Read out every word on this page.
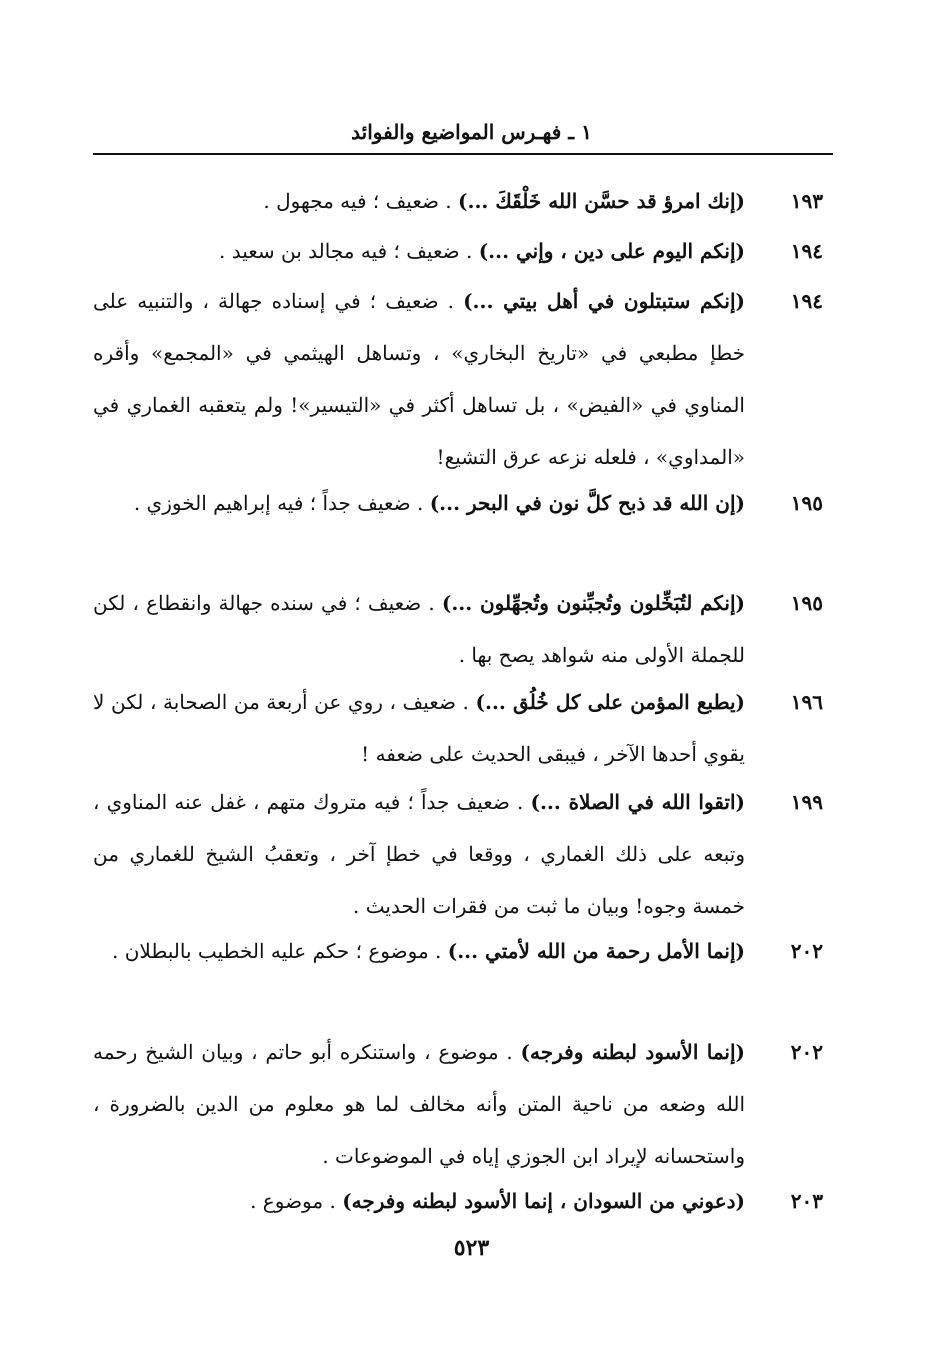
١ ـ فهـرس المواضيع والفوائد
١٩٣
(إنك امرؤ قد حسَّن الله خَلْقَكَ ...) . ضعيف ؛ فيه مجهول .
١٩٤
(إنكم اليوم على دين ، وإني ...) . ضعيف ؛ فيه مجالد بن سعيد .
١٩٤
(إنكم ستبتلون في أهل بيتي ...) . ضعيف ؛ في إسناده جهالة ، والتنبيه على خطإ مطبعي في «تاريخ البخاري» ، وتساهل الهيثمي في «المجمع» وأقره المناوي في «الفيض» ، بل تساهل أكثر في «التيسير»! ولم يتعقبه الغماري في «المداوي» ، فلعله نزعه عرق التشيع!
١٩٥
(إن الله قد ذبح كلَّ نون في البحر ...) . ضعيف جداً ؛ فيه إبراهيم الخوزي .
١٩٥
(إنكم لتُبَخِّلون وتُجبِّنون وتُجهِّلون ...) . ضعيف ؛ في سنده جهالة وانقطاع ، لكن للجملة الأولى منه شواهد يصح بها .
١٩٦
(يطبع المؤمن على كل خُلُق ...) . ضعيف ، روي عن أربعة من الصحابة ، لكن لا يقوي أحدها الآخر ، فيبقى الحديث على ضعفه !
١٩٩
(اتقوا الله في الصلاة ...) . ضعيف جداً ؛ فيه متروك متهم ، غفل عنه المناوي ، وتبعه على ذلك الغماري ، ووقعا في خطإ آخر ، وتعقبُ الشيخ للغماري من خمسة وجوه! وبيان ما ثبت من فقرات الحديث .
٢٠٢
(إنما الأمل رحمة من الله لأمتي ...) . موضوع ؛ حكم عليه الخطيب بالبطلان .
٢٠٢
(إنما الأسود لبطنه وفرجه) . موضوع ، واستنكره أبو حاتم ، وبيان الشيخ رحمه الله وضعه من ناحية المتن وأنه مخالف لما هو معلوم من الدين بالضرورة ، واستحسانه لإيراد ابن الجوزي إياه في الموضوعات .
٢٠٣
(دعوني من السودان ، إنما الأسود لبطنه وفرجه) . موضوع .
٥٢٣
